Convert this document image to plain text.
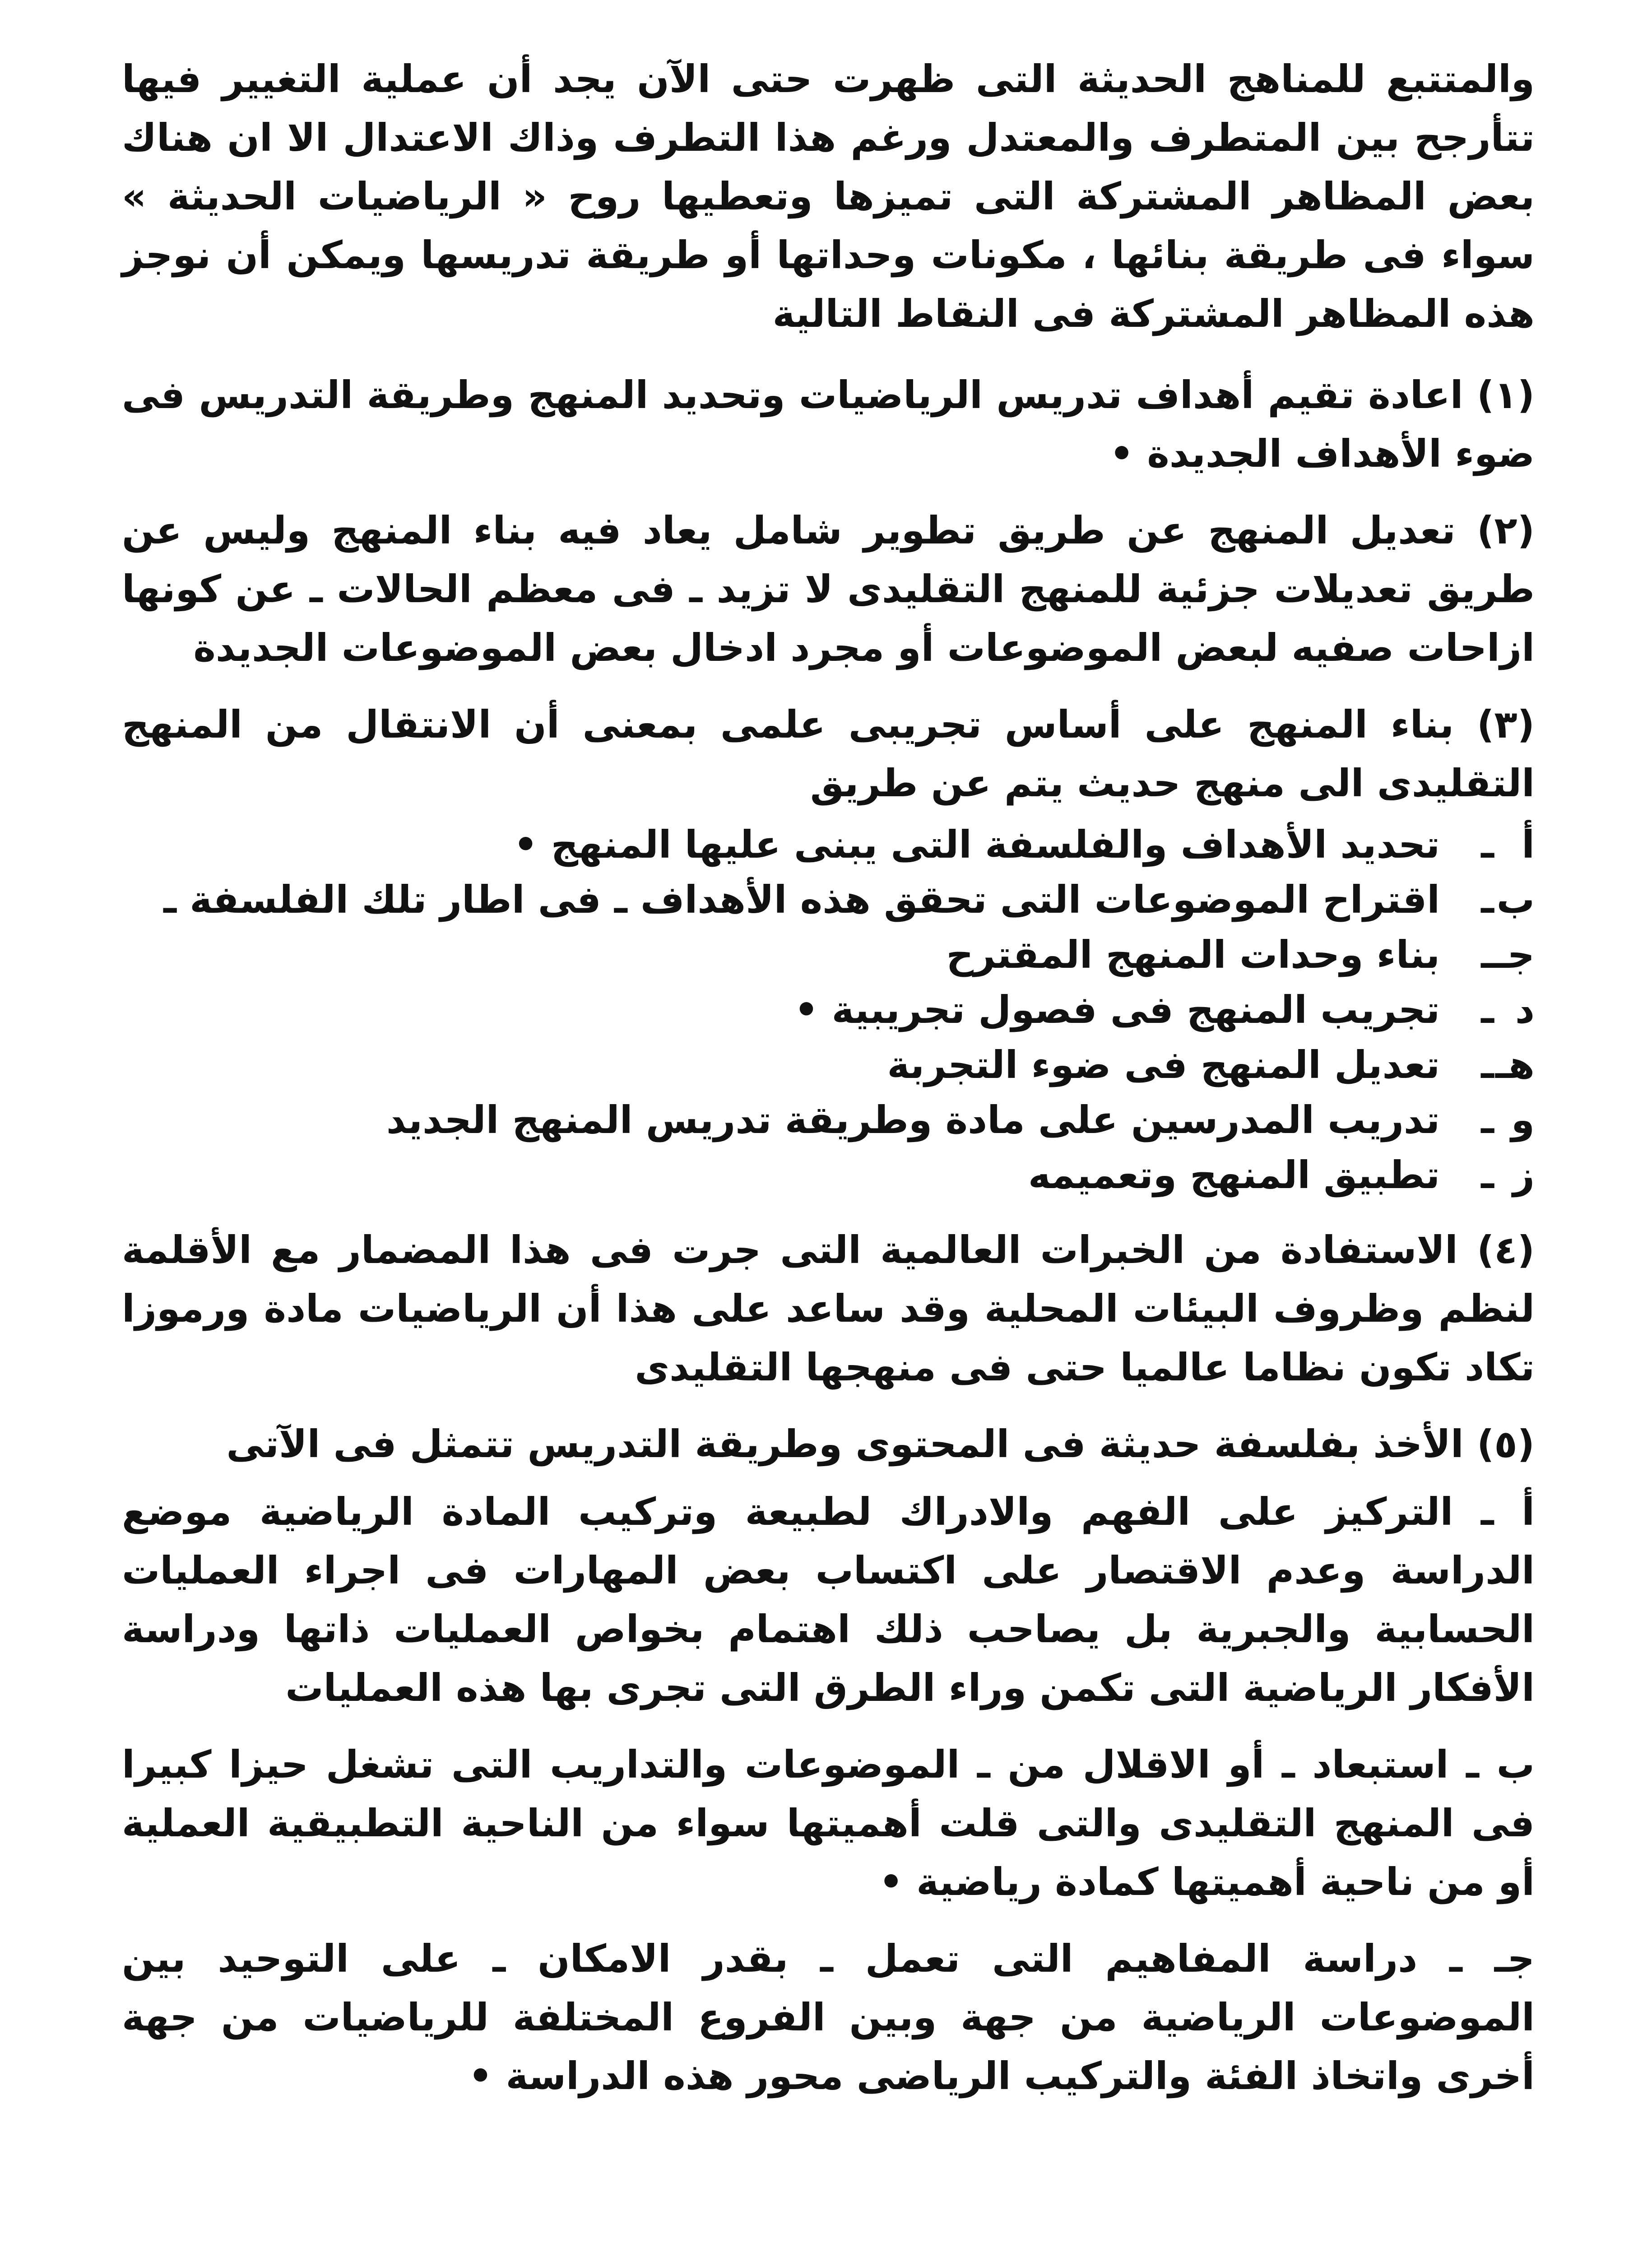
والمتتبع للمناهج الحديثة التى ظهرت حتى الآن يجد أن عملية التغيير فيها تتأرجح بين المتطرف والمعتدل ورغم هذا التطرف وذاك الاعتدال الا ان هناك بعض المظاهر المشتركة التى تميزها وتعطيها روح « الرياضيات الحديثة » سواء فى طريقة بنائها ، مكونات وحداتها أو طريقة تدريسها ويمكن أن نوجز هذه المظاهر المشتركة فى النقاط التالية

(١) اعادة تقيم أهداف تدريس الرياضيات وتحديد المنهج وطريقة التدريس فى ضوء الأهداف الجديدة •

(٢) تعديل المنهج عن طريق تطوير شامل يعاد فيه بناء المنهج وليس عن طريق تعديلات جزئية للمنهج التقليدى لا تزيد ـ فى معظم الحالات ـ عن كونها ازاحات صفيه لبعض الموضوعات أو مجرد ادخال بعض الموضوعات الجديدة

(٣) بناء المنهج على أساس تجريبى علمى بمعنى أن الانتقال من المنهج التقليدى الى منهج حديث يتم عن طريق

أ
ـ
تحديد الأهداف والفلسفة التى يبنى عليها المنهج •
ب
ـ
اقتراح الموضوعات التى تحقق هذه الأهداف ـ فى اطار تلك الفلسفة ـ
جـ
ـ
بناء وحدات المنهج المقترح
د
ـ
تجريب المنهج فى فصول تجريبية •
هـ
ـ
تعديل المنهج فى ضوء التجربة
و
ـ
تدريب المدرسين على مادة وطريقة تدريس المنهج الجديد
ز
ـ
تطبيق المنهج وتعميمه

(٤) الاستفادة من الخبرات العالمية التى جرت فى هذا المضمار مع الأقلمة لنظم وظروف البيئات المحلية وقد ساعد على هذا أن الرياضيات مادة ورموزا تكاد تكون نظاما عالميا حتى فى منهجها التقليدى

(٥) الأخذ بفلسفة حديثة فى المحتوى وطريقة التدريس تتمثل فى الآتى

أ ـ التركيز على الفهم والادراك لطبيعة وتركيب المادة الرياضية موضع الدراسة وعدم الاقتصار على اكتساب بعض المهارات فى اجراء العمليات الحسابية والجبرية بل يصاحب ذلك اهتمام بخواص العمليات ذاتها ودراسة الأفكار الرياضية التى تكمن وراء الطرق التى تجرى بها هذه العمليات

ب ـ استبعاد ـ أو الاقلال من ـ الموضوعات والتداريب التى تشغل حيزا كبيرا فى المنهج التقليدى والتى قلت أهميتها سواء من الناحية التطبيقية العملية أو من ناحية أهميتها كمادة رياضية •

جـ ـ دراسة المفاهيم التى تعمل ـ بقدر الامكان ـ على التوحيد بين الموضوعات الرياضية من جهة وبين الفروع المختلفة للرياضيات من جهة أخرى واتخاذ الفئة والتركيب الرياضى محور هذه الدراسة •
